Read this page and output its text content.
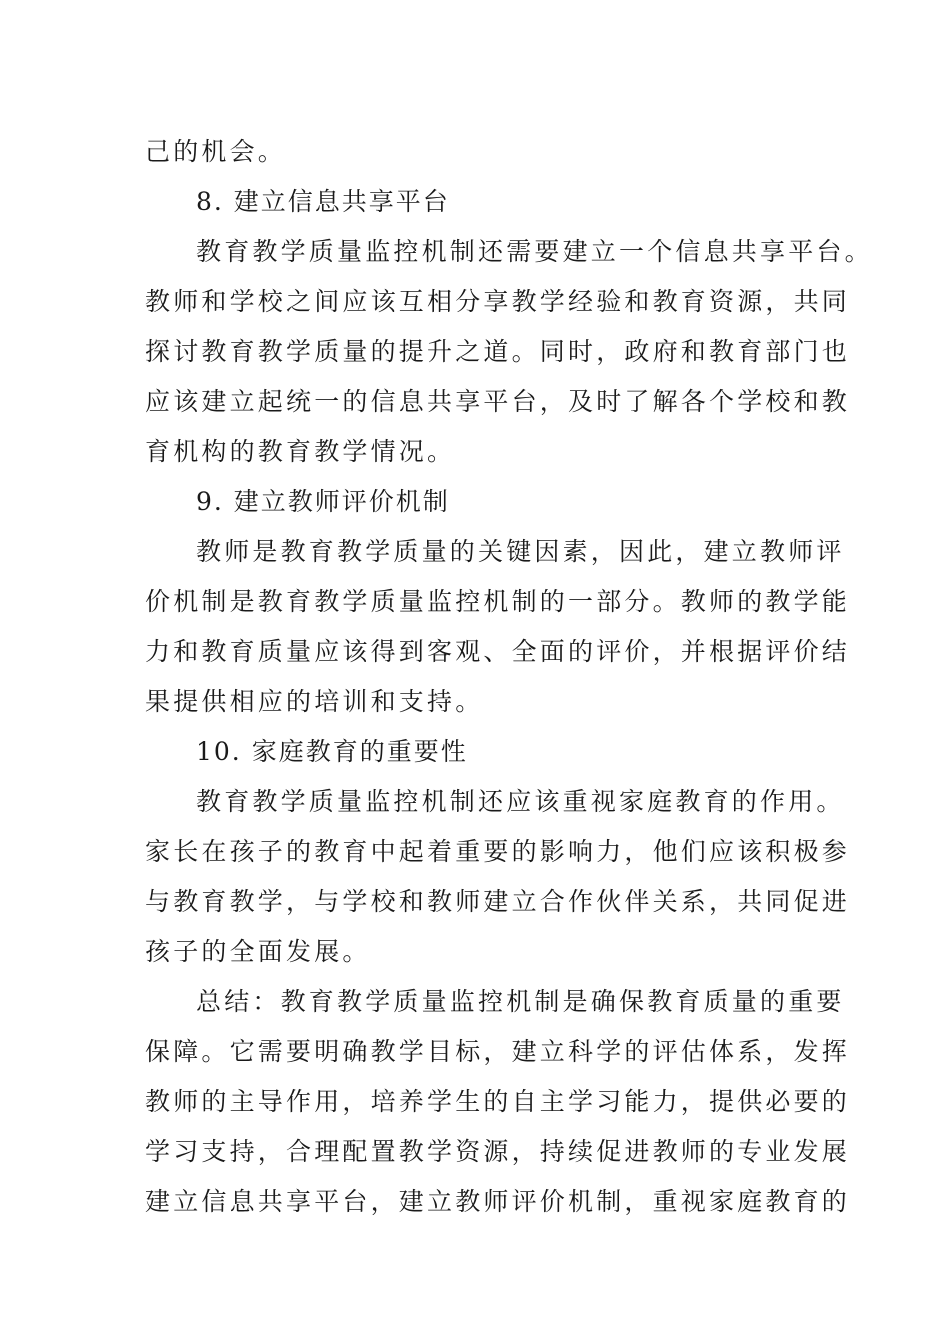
己的机会。
8. 建立信息共享平台
教育教学质量监控机制还需要建立一个信息共享平台。
教师和学校之间应该互相分享教学经验和教育资源，共同
探讨教育教学质量的提升之道。同时，政府和教育部门也
应该建立起统一的信息共享平台，及时了解各个学校和教
育机构的教育教学情况。
9. 建立教师评价机制
教师是教育教学质量的关键因素，因此，建立教师评
价机制是教育教学质量监控机制的一部分。教师的教学能
力和教育质量应该得到客观、全面的评价，并根据评价结
果提供相应的培训和支持。
10. 家庭教育的重要性
教育教学质量监控机制还应该重视家庭教育的作用。
家长在孩子的教育中起着重要的影响力，他们应该积极参
与教育教学，与学校和教师建立合作伙伴关系，共同促进
孩子的全面发展。
总结：教育教学质量监控机制是确保教育质量的重要
保障。它需要明确教学目标，建立科学的评估体系，发挥
教师的主导作用，培养学生的自主学习能力，提供必要的
学习支持，合理配置教学资源，持续促进教师的专业发展
建立信息共享平台，建立教师评价机制，重视家庭教育的
